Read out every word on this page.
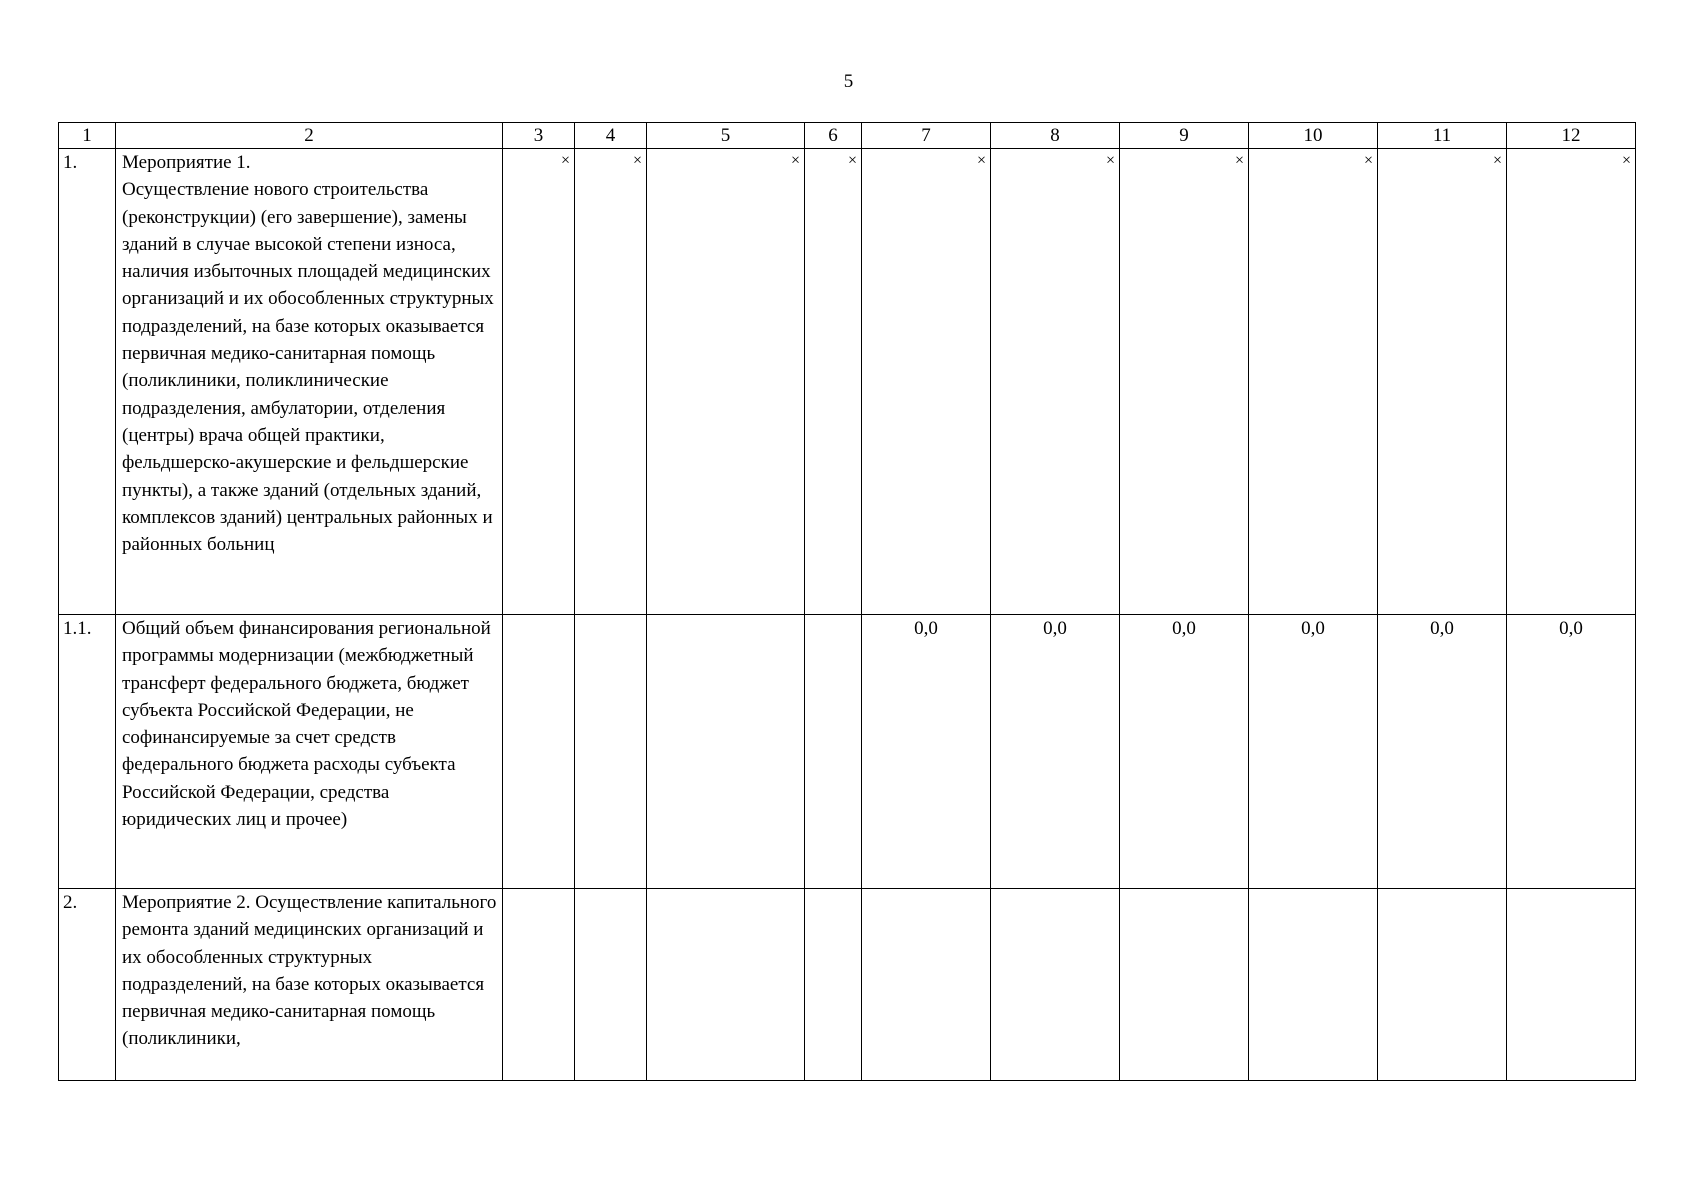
5
1	2	3	4	5	6	7	8	9	10	11	12
1.	Мероприятие 1.
Осуществление нового строительства (реконструкции) (его завершение), замены зданий в случае высокой степени износа, наличия избыточных площадей медицинских организаций и их обособленных структурных подразделений, на базе которых оказывается первичная медико-санитарная помощь (поликлиники, поликлинические подразделения, амбулатории, отделения (центры) врача общей практики, фельдшерско-акушерские и фельдшерские пункты), а также зданий (отдельных зданий, комплексов зданий) центральных районных и районных больниц	×	×	×	×	×	×	×	×	×	×
1.1.	Общий объем финансирования региональной программы модернизации (межбюджетный трансферт федерального бюджета, бюджет субъекта Российской Федерации, не софинансируемые за счет средств федерального бюджета расходы субъекта Российской Федерации, средства юридических лиц и прочее)					0,0	0,0	0,0	0,0	0,0	0,0
2.	Мероприятие 2. Осуществление капитального ремонта зданий медицинских организаций и их обособленных структурных подразделений, на базе которых оказывается первичная медико-санитарная помощь (поликлиники,										
